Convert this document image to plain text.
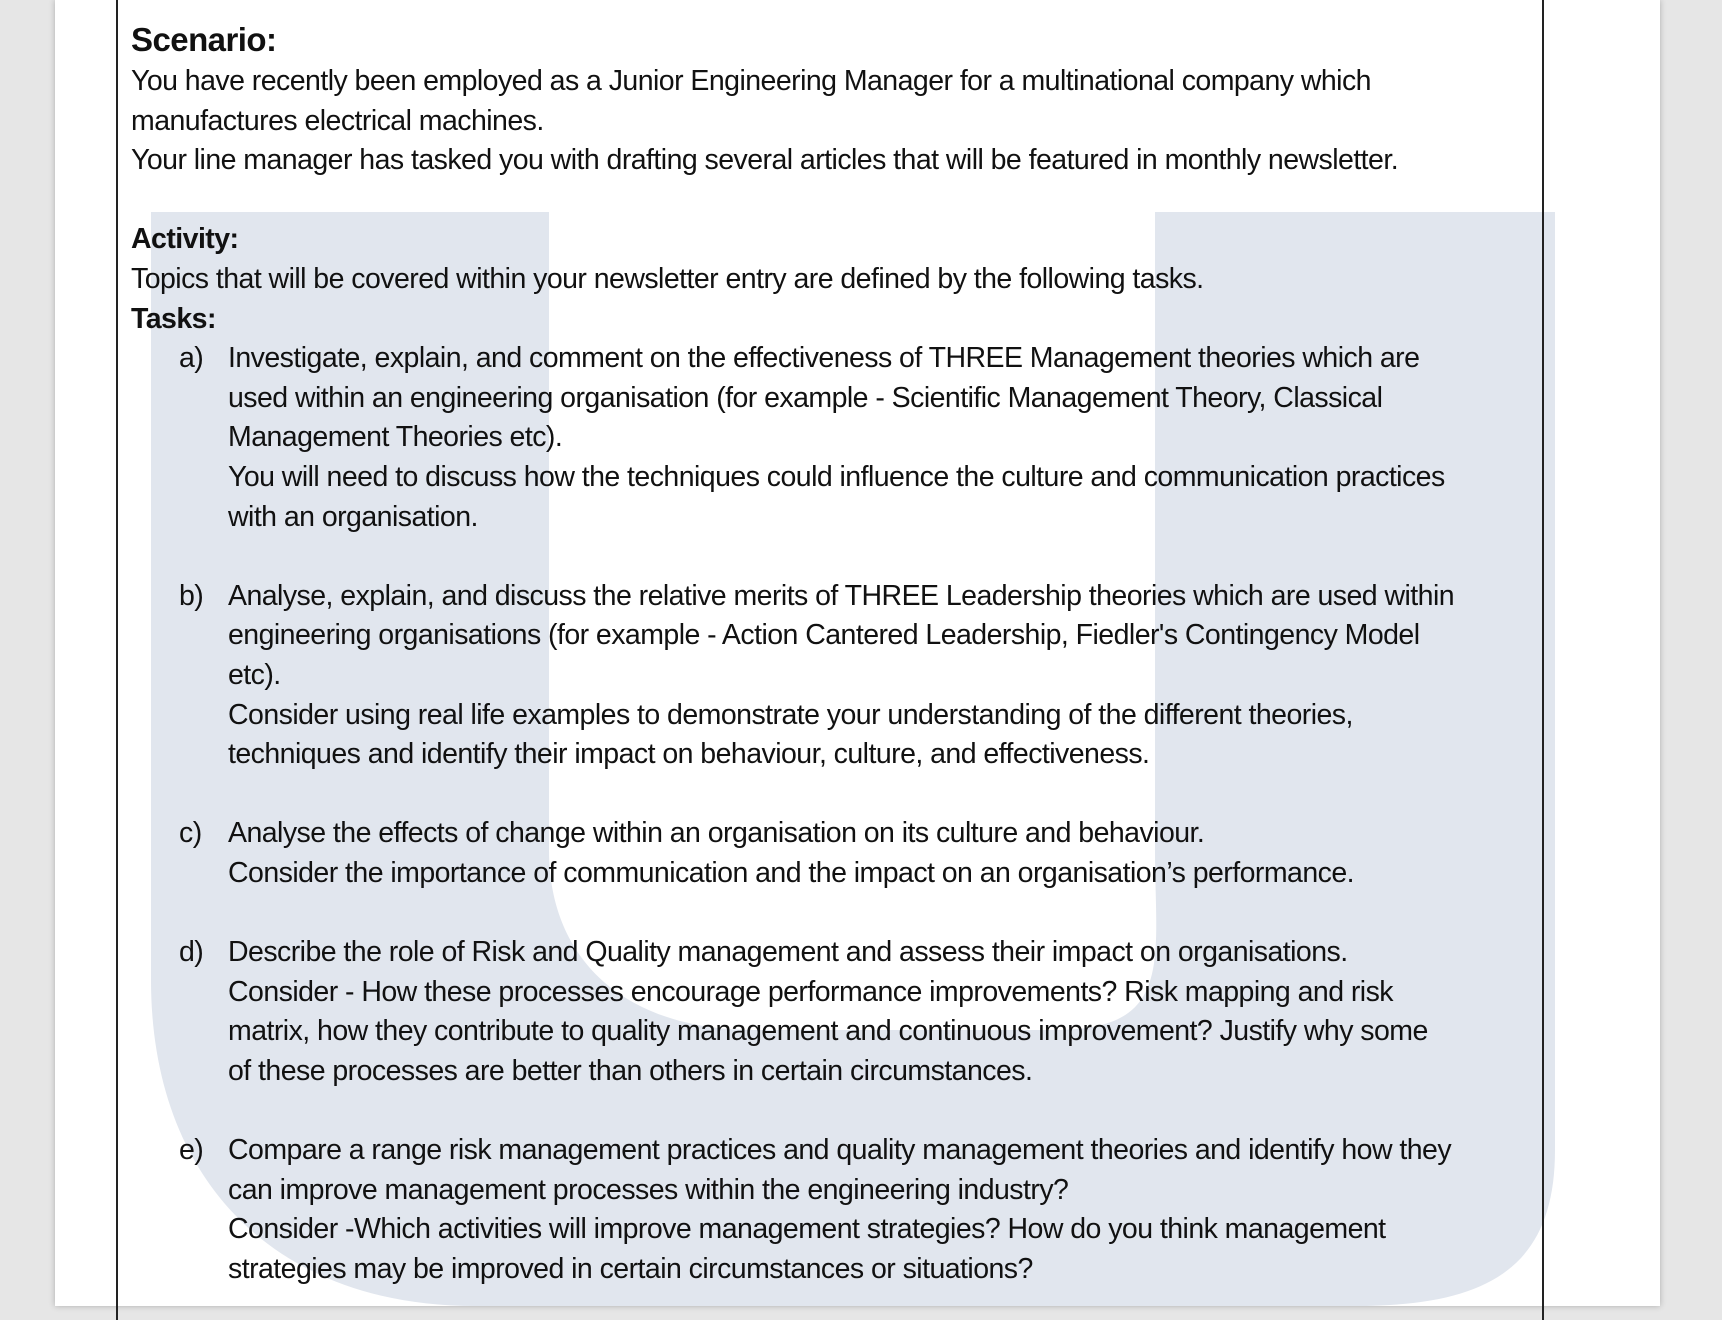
Scenario:
You have recently been employed as a Junior Engineering Manager for a multinational company which
manufactures electrical machines.
Your line manager has tasked you with drafting several articles that will be featured in monthly newsletter.
Activity:
Topics that will be covered within your newsletter entry are defined by the following tasks.
Tasks:
a) Investigate, explain, and comment on the effectiveness of THREE Management theories which are
used within an engineering organisation (for example - Scientific Management Theory, Classical
Management Theories etc).
You will need to discuss how the techniques could influence the culture and communication practices
with an organisation.
b) Analyse, explain, and discuss the relative merits of THREE Leadership theories which are used within
engineering organisations (for example - Action Cantered Leadership, Fiedler's Contingency Model
etc).
Consider using real life examples to demonstrate your understanding of the different theories,
techniques and identify their impact on behaviour, culture, and effectiveness.
c) Analyse the effects of change within an organisation on its culture and behaviour.
Consider the importance of communication and the impact on an organisation’s performance.
d) Describe the role of Risk and Quality management and assess their impact on organisations.
Consider - How these processes encourage performance improvements? Risk mapping and risk
matrix, how they contribute to quality management and continuous improvement? Justify why some
of these processes are better than others in certain circumstances.
e) Compare a range risk management practices and quality management theories and identify how they
can improve management processes within the engineering industry?
Consider -Which activities will improve management strategies? How do you think management
strategies may be improved in certain circumstances or situations?
